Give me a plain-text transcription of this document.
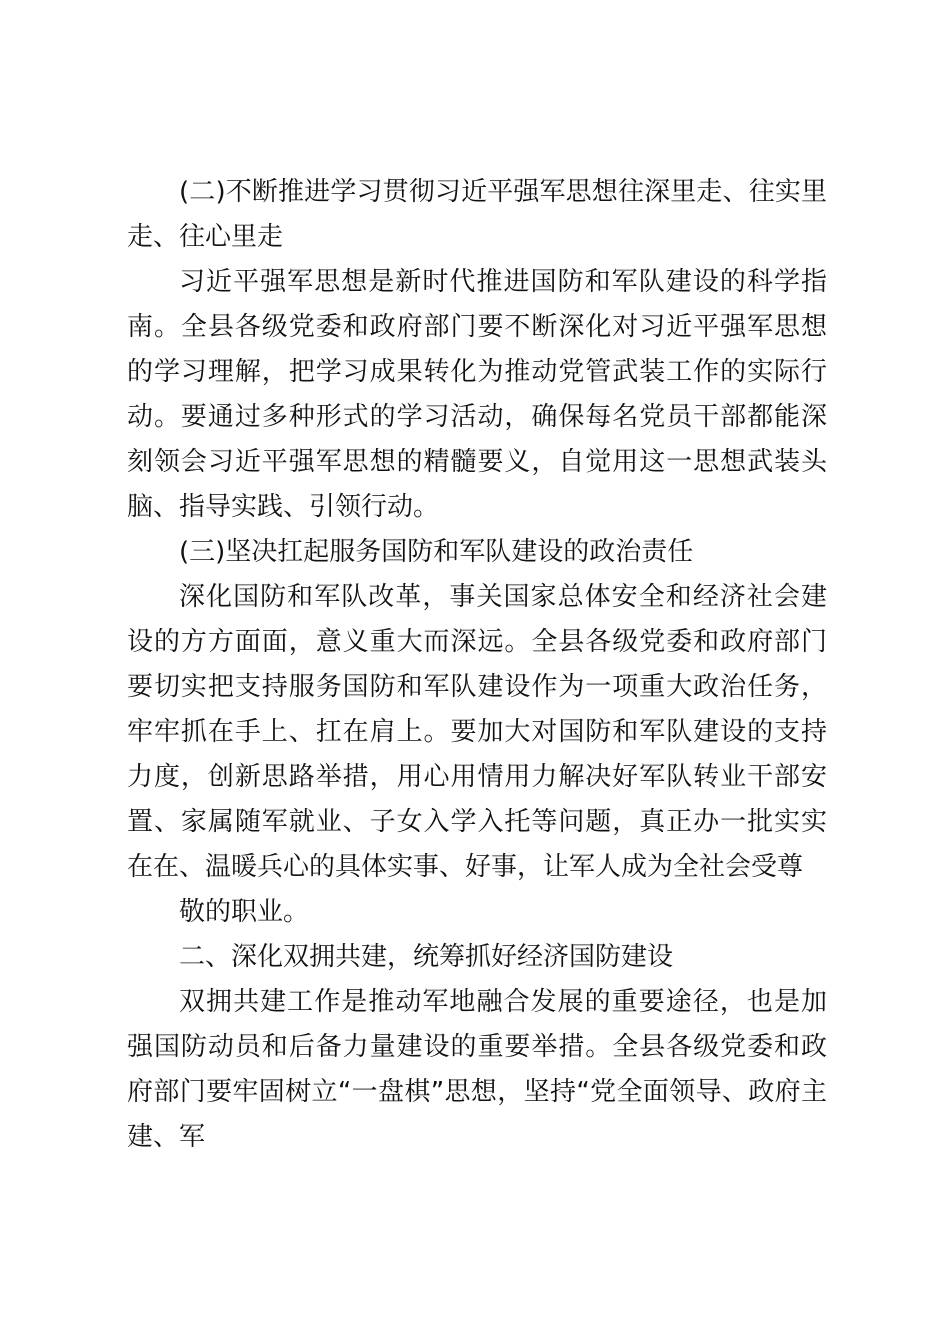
(二)不断推进学习贯彻习近平强军思想往深里走、往实里走、往心里走

习近平强军思想是新时代推进国防和军队建设的科学指南。全县各级党委和政府部门要不断深化对习近平强军思想的学习理解，把学习成果转化为推动党管武装工作的实际行动。要通过多种形式的学习活动，确保每名党员干部都能深刻领会习近平强军思想的精髓要义，自觉用这一思想武装头脑、指导实践、引领行动。

(三)坚决扛起服务国防和军队建设的政治责任

深化国防和军队改革，事关国家总体安全和经济社会建设的方方面面，意义重大而深远。全县各级党委和政府部门要切实把支持服务国防和军队建设作为一项重大政治任务，牢牢抓在手上、扛在肩上。要加大对国防和军队建设的支持力度，创新思路举措，用心用情用力解决好军队转业干部安置、家属随军就业、子女入学入托等问题，真正办一批实实在在、温暖兵心的具体实事、好事，让军人成为全社会受尊

敬的职业。

二、深化双拥共建，统筹抓好经济国防建设

双拥共建工作是推动军地融合发展的重要途径，也是加强国防动员和后备力量建设的重要举措。全县各级党委和政府部门要牢固树立“一盘棋”思想，坚持“党全面领导、政府主建、军
